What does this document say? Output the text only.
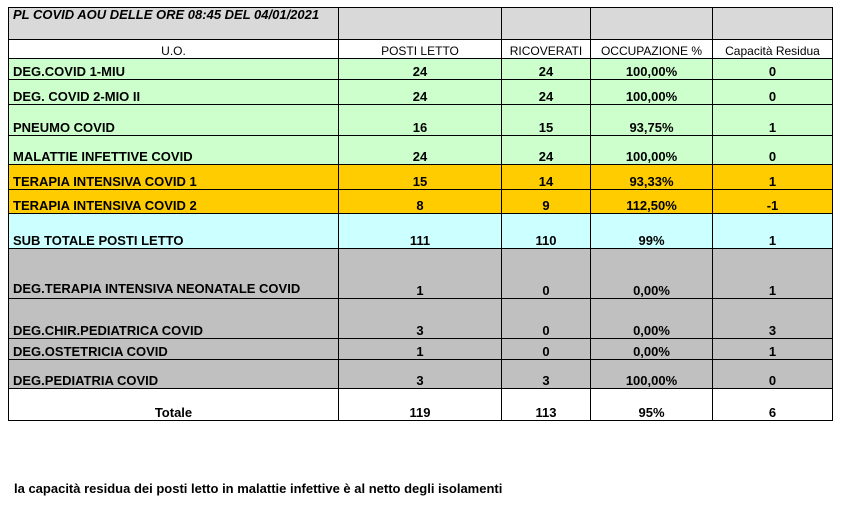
PL COVID AOU DELLE ORE 08:45 DEL 04/01/2021				
U.O.	POSTI LETTO	RICOVERATI	OCCUPAZIONE %	Capacità Residua
DEG.COVID 1-MIU	24	24	100,00%	0
DEG. COVID 2-MIO II	24	24	100,00%	0
PNEUMO COVID	16	15	93,75%	1
MALATTIE INFETTIVE COVID	24	24	100,00%	0
TERAPIA INTENSIVA COVID 1	15	14	93,33%	1
TERAPIA INTENSIVA COVID 2	8	9	112,50%	-1
SUB TOTALE POSTI LETTO	111	110	99%	1
DEG.TERAPIA INTENSIVA NEONATALE COVID	1	0	0,00%	1
DEG.CHIR.PEDIATRICA COVID	3	0	0,00%	3
DEG.OSTETRICIA COVID	1	0	0,00%	1
DEG.PEDIATRIA COVID	3	3	100,00%	0
Totale	119	113	95%	6
la capacità residua dei posti letto in malattie infettive è al netto degli isolamenti
